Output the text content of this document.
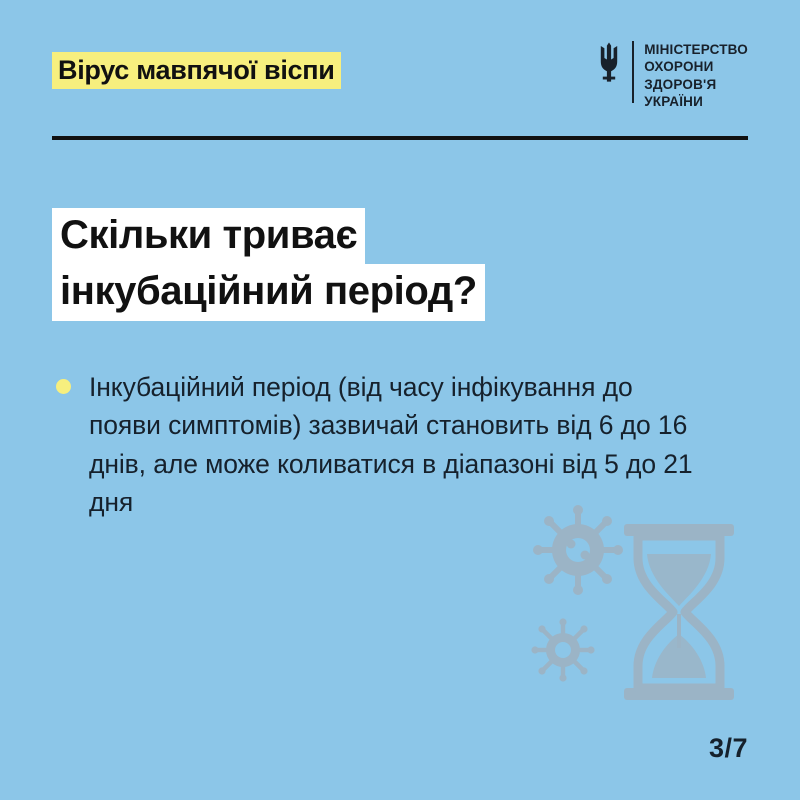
Вірус мавпячої віспи
МІНІСТЕРСТВО
ОХОРОНИ
ЗДОРОВ'Я
УКРАЇНИ
Скільки триває
інкубаційний період?
Інкубаційний період (від часу інфікування до появи симптомів) зазвичай становить від 6 до 16 днів, але може коливатися в діапазоні від 5 до 21 дня
3/7
